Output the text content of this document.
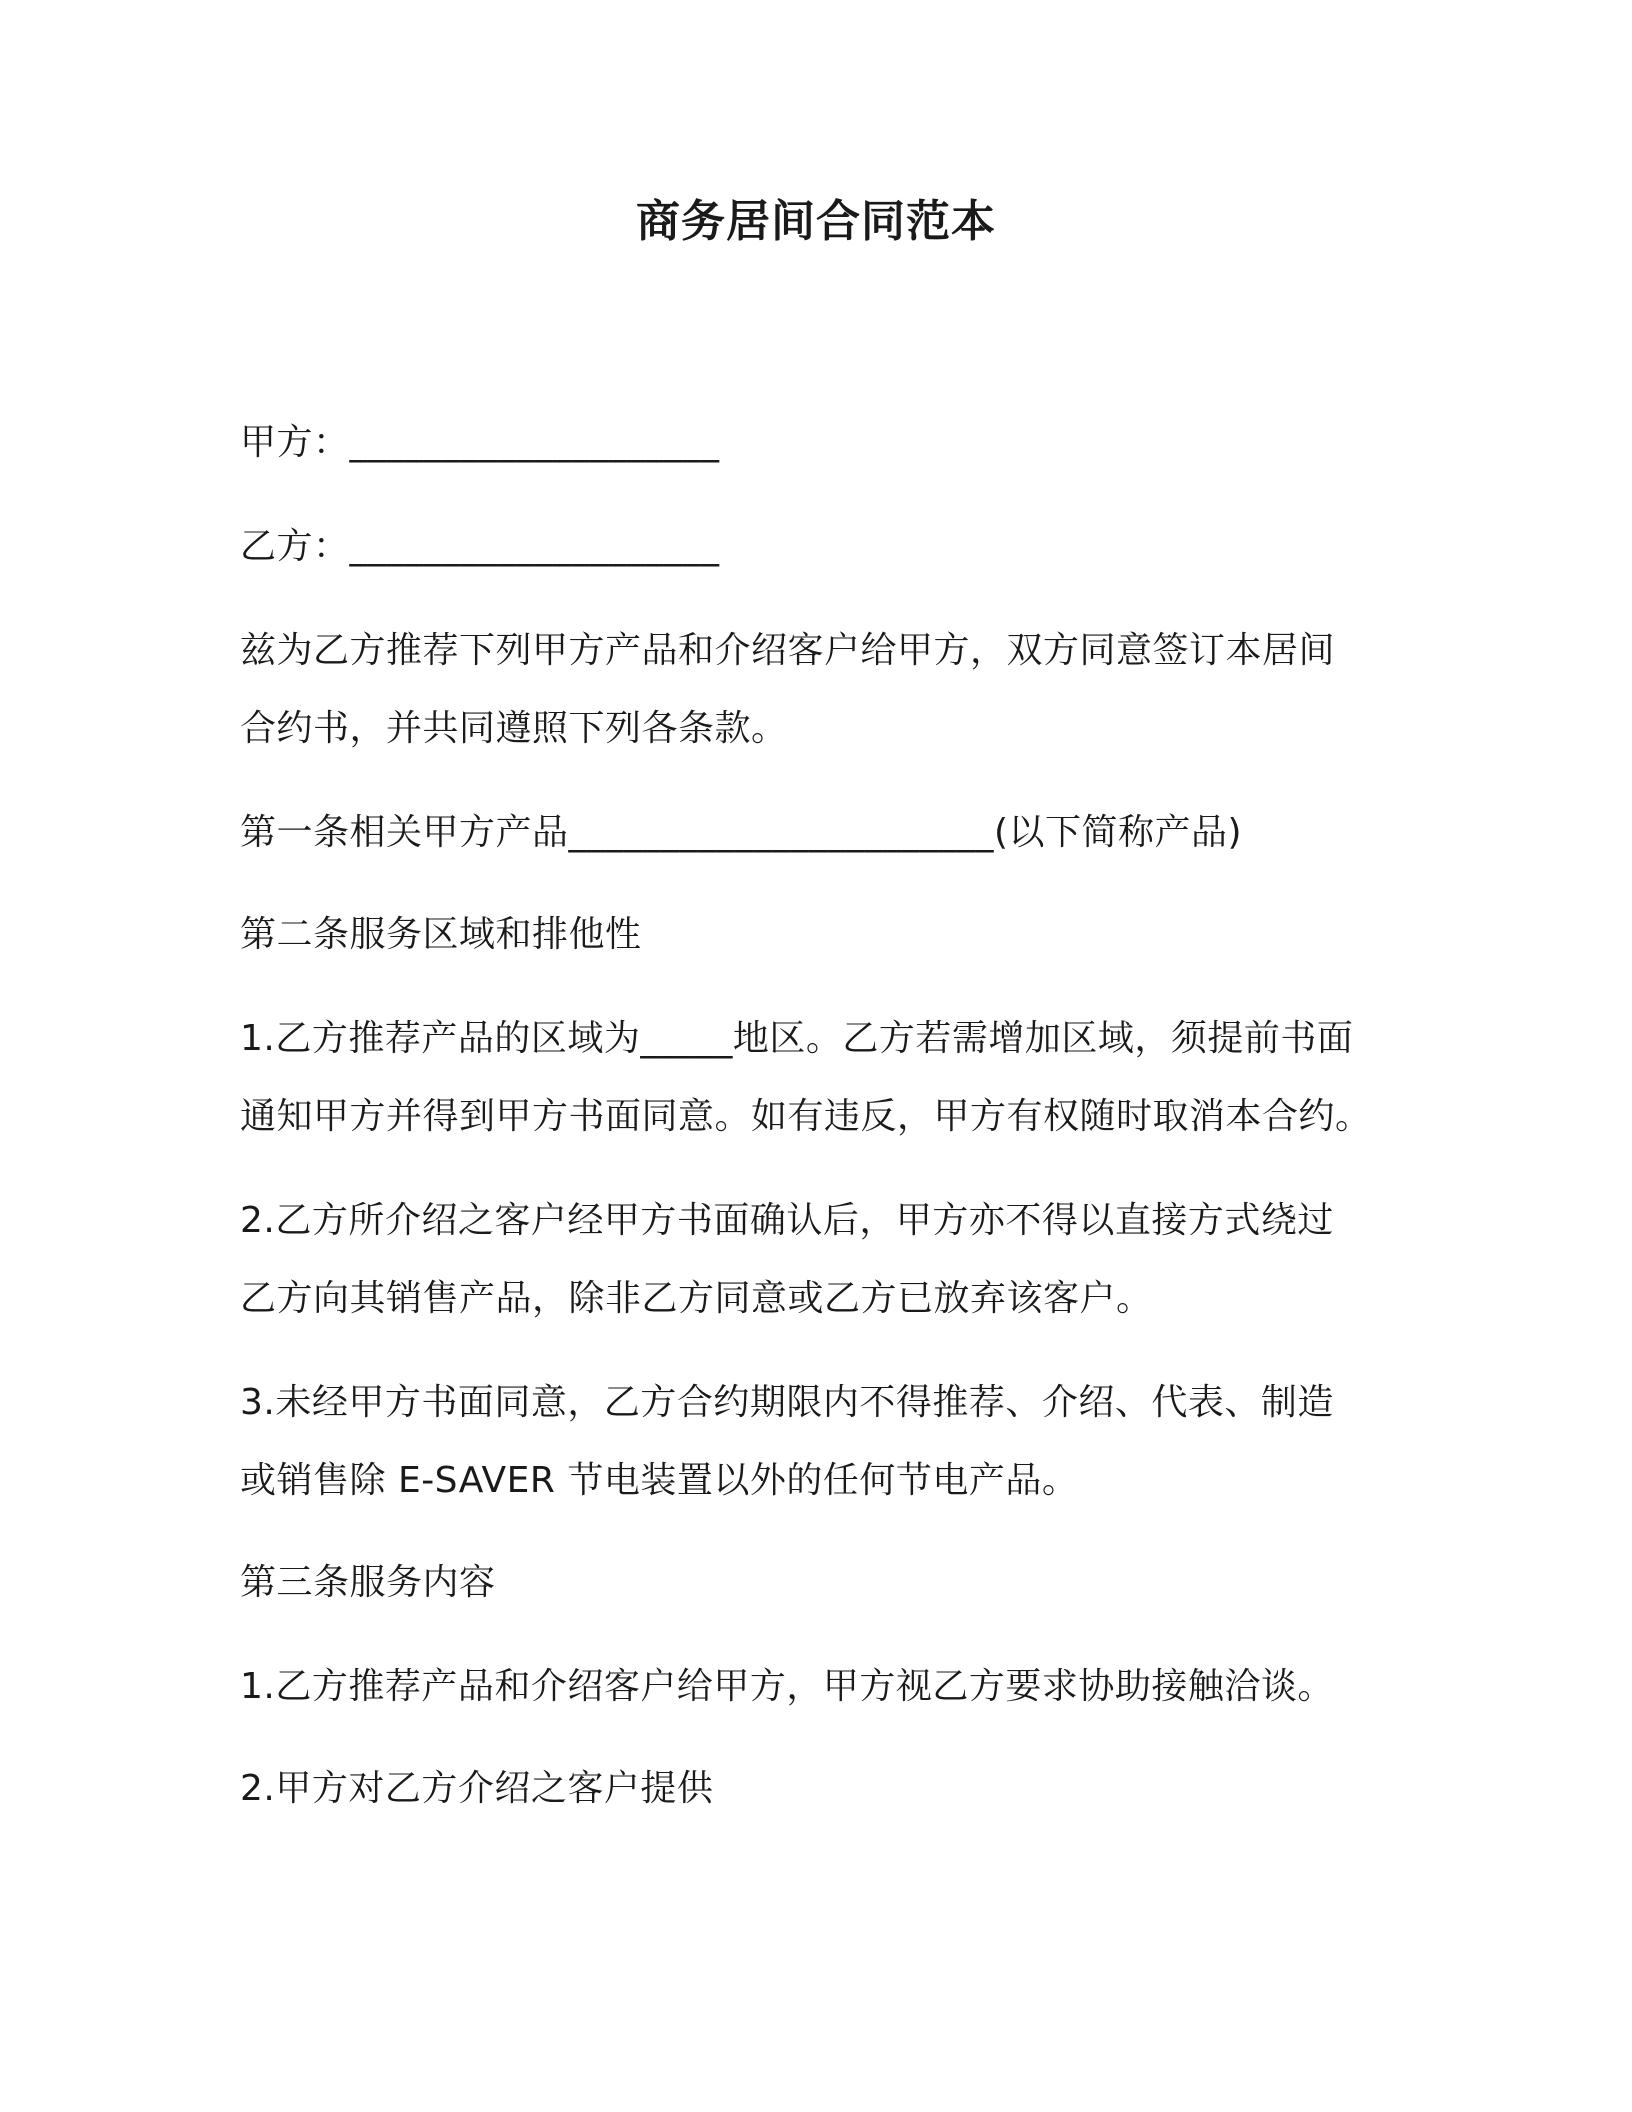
商务居间合同范本
甲方：____________________
乙方：____________________
兹为乙方推荐下列甲方产品和介绍客户给甲方，双方同意签订本居间
合约书，并共同遵照下列各条款。
第一条相关甲方产品_______________________(以下简称产品)
第二条服务区域和排他性
1.乙方推荐产品的区域为_____地区。乙方若需增加区域，须提前书面
通知甲方并得到甲方书面同意。如有违反，甲方有权随时取消本合约。
2.乙方所介绍之客户经甲方书面确认后，甲方亦不得以直接方式绕过
乙方向其销售产品，除非乙方同意或乙方已放弃该客户。
3.未经甲方书面同意，乙方合约期限内不得推荐、介绍、代表、制造
或销售除 E-SAVER 节电装置以外的任何节电产品。
第三条服务内容
1.乙方推荐产品和介绍客户给甲方，甲方视乙方要求协助接触洽谈。
2.甲方对乙方介绍之客户提供
